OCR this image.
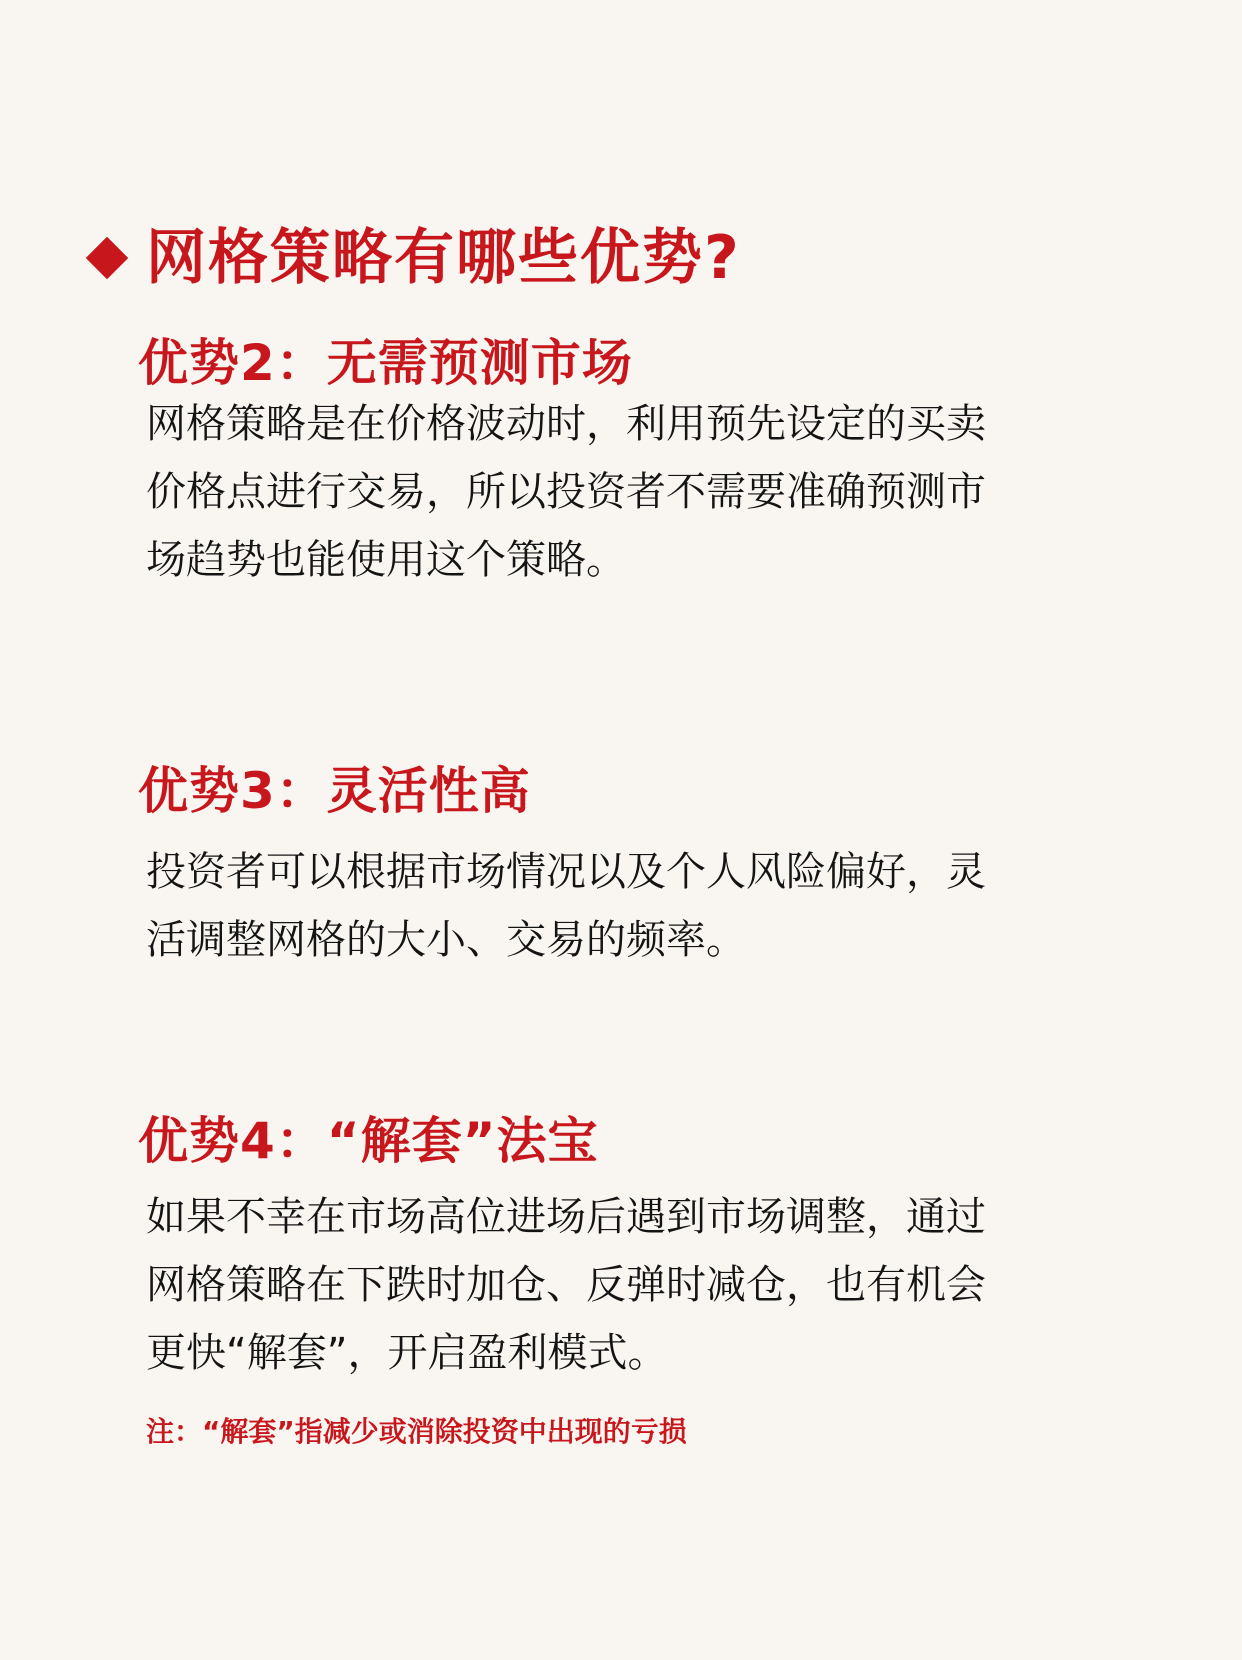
网格策略有哪些优势?
优势2：无需预测市场
网格策略是在价格波动时，利用预先设定的买卖
价格点进行交易，所以投资者不需要准确预测市
场趋势也能使用这个策略。
优势3：灵活性高
投资者可以根据市场情况以及个人风险偏好，灵
活调整网格的大小、交易的频率。
优势4：“解套”法宝
如果不幸在市场高位进场后遇到市场调整，通过
网格策略在下跌时加仓、反弹时减仓，也有机会
更快“解套”，开启盈利模式。
注：“解套”指减少或消除投资中出现的亏损
